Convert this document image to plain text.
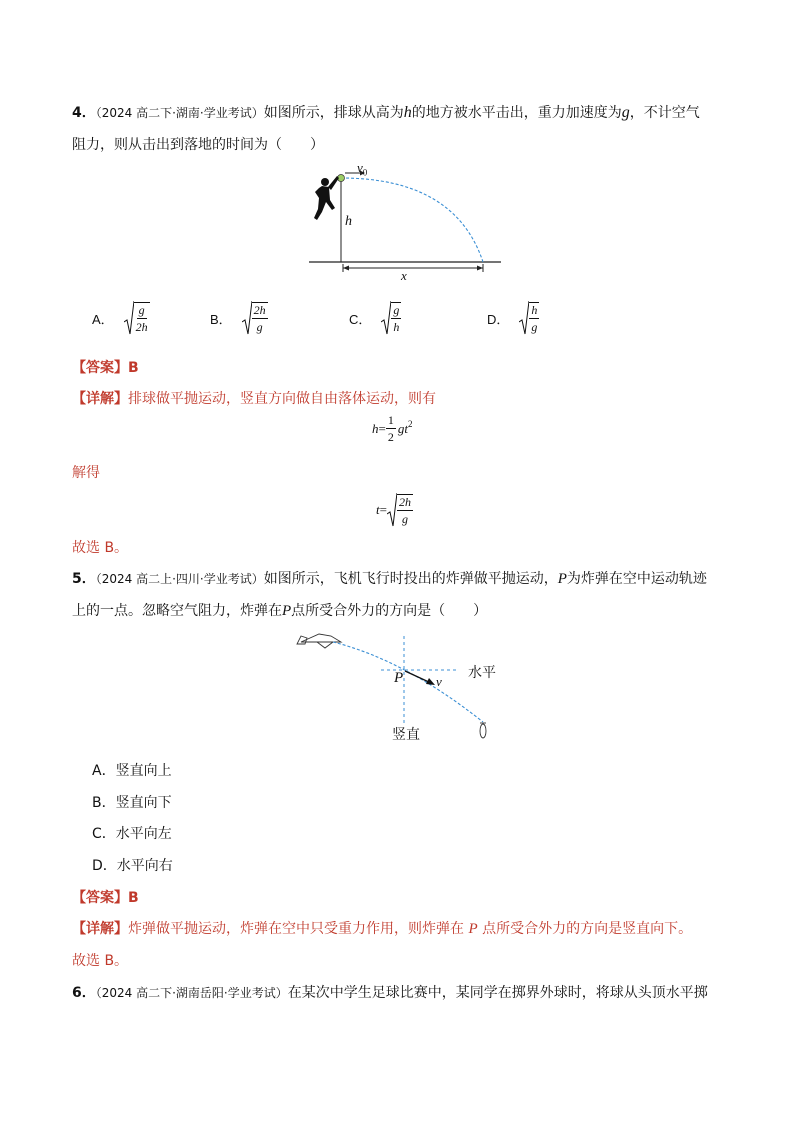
4．（2024 高二下·湖南·学业考试）如图所示，排球从高为h的地方被水平击出，重力加速度为g，不计空气
阻力，则从击出到落地的时间为（　　）
$v_0$
h
x
A． $\frac{g}{2h}$	B． $\frac{2h}{g}$	C． $\frac{g}{h}$	D． $\frac{h}{g}$
【答案】B
【详解】排球做平抛运动，竖直方向做自由落体运动，则有
$h = \frac{1}{2} gt^2$
解得
$t = \frac{2h}{g}$
故选 B。
5．（2024 高二上·四川·学业考试）如图所示，飞机飞行时投出的炸弹做平抛运动，P为炸弹在空中运动轨迹
上的一点。忽略空气阻力，炸弹在P点所受合外力的方向是（　　）
P	v
水平
竖直
A．竖直向上
B．竖直向下
C．水平向左
D．水平向右
【答案】B
【详解】炸弹做平抛运动，炸弹在空中只受重力作用，则炸弹在 P 点所受合外力的方向是竖直向下。
故选 B。
6．（2024 高二下·湖南岳阳·学业考试）在某次中学生足球比赛中，某同学在掷界外球时，将球从头顶水平掷
